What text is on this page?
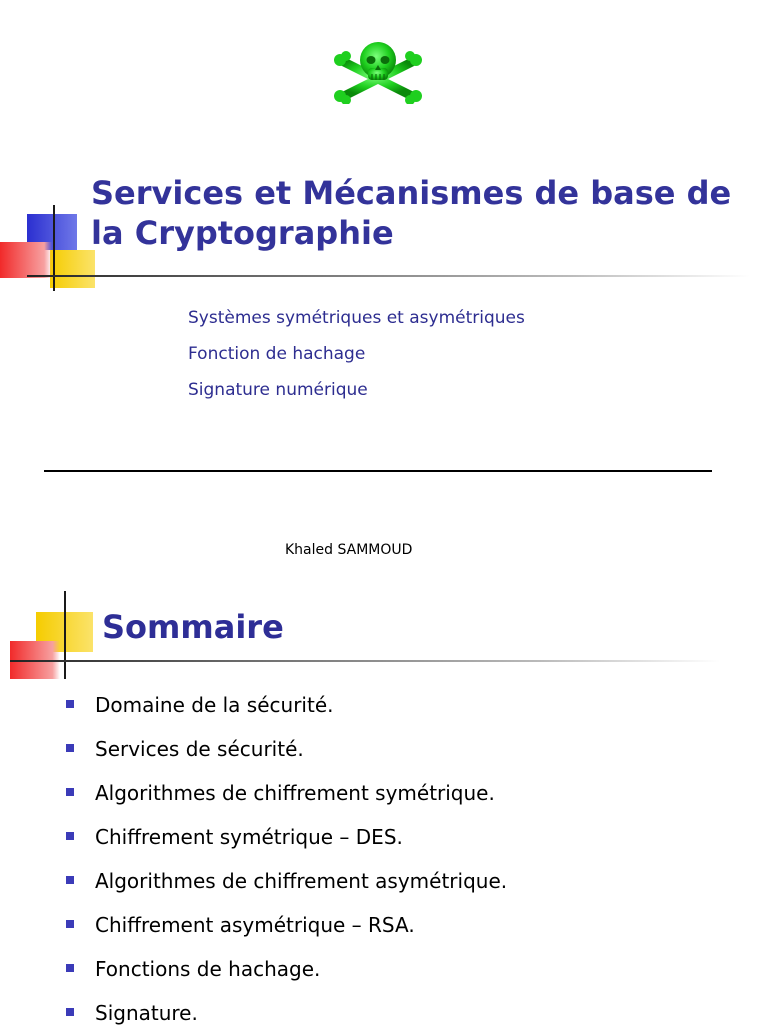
Services et Mécanismes de base de
la Cryptographie
Systèmes symétriques et asymétriques
Fonction de hachage
Signature numérique
Khaled SAMMOUD
Sommaire
Domaine de la sécurité.
Services de sécurité.
Algorithmes de chiffrement symétrique.
Chiffrement symétrique – DES.
Algorithmes de chiffrement asymétrique.
Chiffrement asymétrique – RSA.
Fonctions de hachage.
Signature.
